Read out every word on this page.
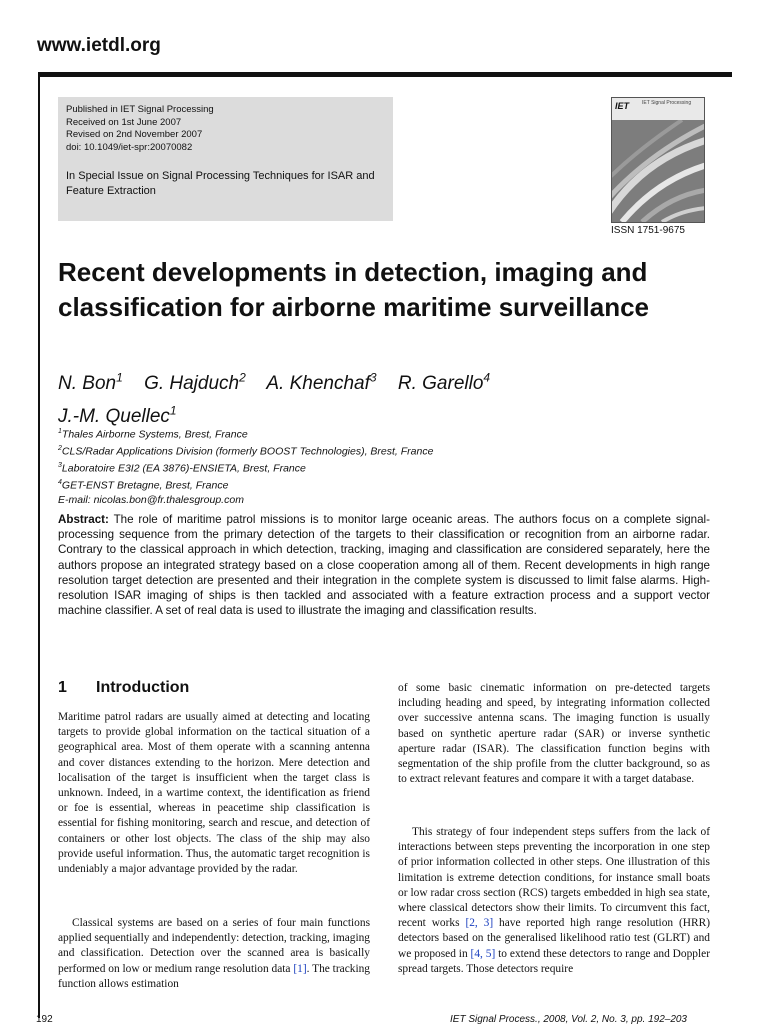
www.ietdl.org
Published in IET Signal Processing
Received on 1st June 2007
Revised on 2nd November 2007
doi: 10.1049/iet-spr:20070082
In Special Issue on Signal Processing Techniques for ISAR and Feature Extraction
IET	IET Signal Processing
ISSN 1751-9675
Recent developments in detection, imaging and classification for airborne maritime surveillance
N. Bon$^1$ G. Hajduch$^2$ A. Khenchaf$^3$ R. Garello$^4$
J.-M. Quellec$^1$
$^1$Thales Airborne Systems, Brest, France
$^2$CLS/Radar Applications Division (formerly BOOST Technologies), Brest, France
$^3$Laboratoire E3I2 (EA 3876)-ENSIETA, Brest, France
$^4$GET-ENST Bretagne, Brest, France
E-mail: nicolas.bon@fr.thalesgroup.com

Abstract: The role of maritime patrol missions is to monitor large oceanic areas. The authors focus on a complete signal-processing sequence from the primary detection of the targets to their classification or recognition from an airborne radar. Contrary to the classical approach in which detection, tracking, imaging and classification are considered separately, here the authors propose an integrated strategy based on a close cooperation among all of them. Recent developments in high range resolution target detection are presented and their integration in the complete system is discussed to limit false alarms. High-resolution ISAR imaging of ships is then tackled and associated with a feature extraction process and a support vector machine classifier. A set of real data is used to illustrate the imaging and classification results.

1 Introduction

Maritime patrol radars are usually aimed at detecting and locating targets to provide global information on the tactical situation of a geographical area. Most of them operate with a scanning antenna and cover distances extending to the horizon. Mere detection and localisation of the target is insufficient when the target class is unknown. Indeed, in a wartime context, the identification as friend or foe is essential, whereas in peacetime ship classification is essential for fishing monitoring, search and rescue, and detection of containers or other lost objects. The class of the ship may also provide useful information. Thus, the automatic target recognition is undeniably a major advantage provided by the radar.

Classical systems are based on a series of four main functions applied sequentially and independently: detection, tracking, imaging and classification. Detection over the scanned area is basically performed on low or medium range resolution data [1]. The tracking function allows estimation

of some basic cinematic information on pre-detected targets including heading and speed, by integrating information collected over successive antenna scans. The imaging function is usually based on synthetic aperture radar (SAR) or inverse synthetic aperture radar (ISAR). The classification function begins with segmentation of the ship profile from the clutter background, so as to extract relevant features and compare it with a target database.

This strategy of four independent steps suffers from the lack of interactions between steps preventing the incorporation in one step of prior information collected in other steps. One illustration of this limitation is extreme detection conditions, for instance small boats or low radar cross section (RCS) targets embedded in high sea state, where classical detectors show their limits. To circumvent this fact, recent works [2, 3] have reported high range resolution (HRR) detectors based on the generalised likelihood ratio test (GLRT) and we proposed in [4, 5] to extend these detectors to range and Doppler spread targets. Those detectors require

192	IET Signal Process., 2008, Vol. 2, No. 3, pp. 192–203
